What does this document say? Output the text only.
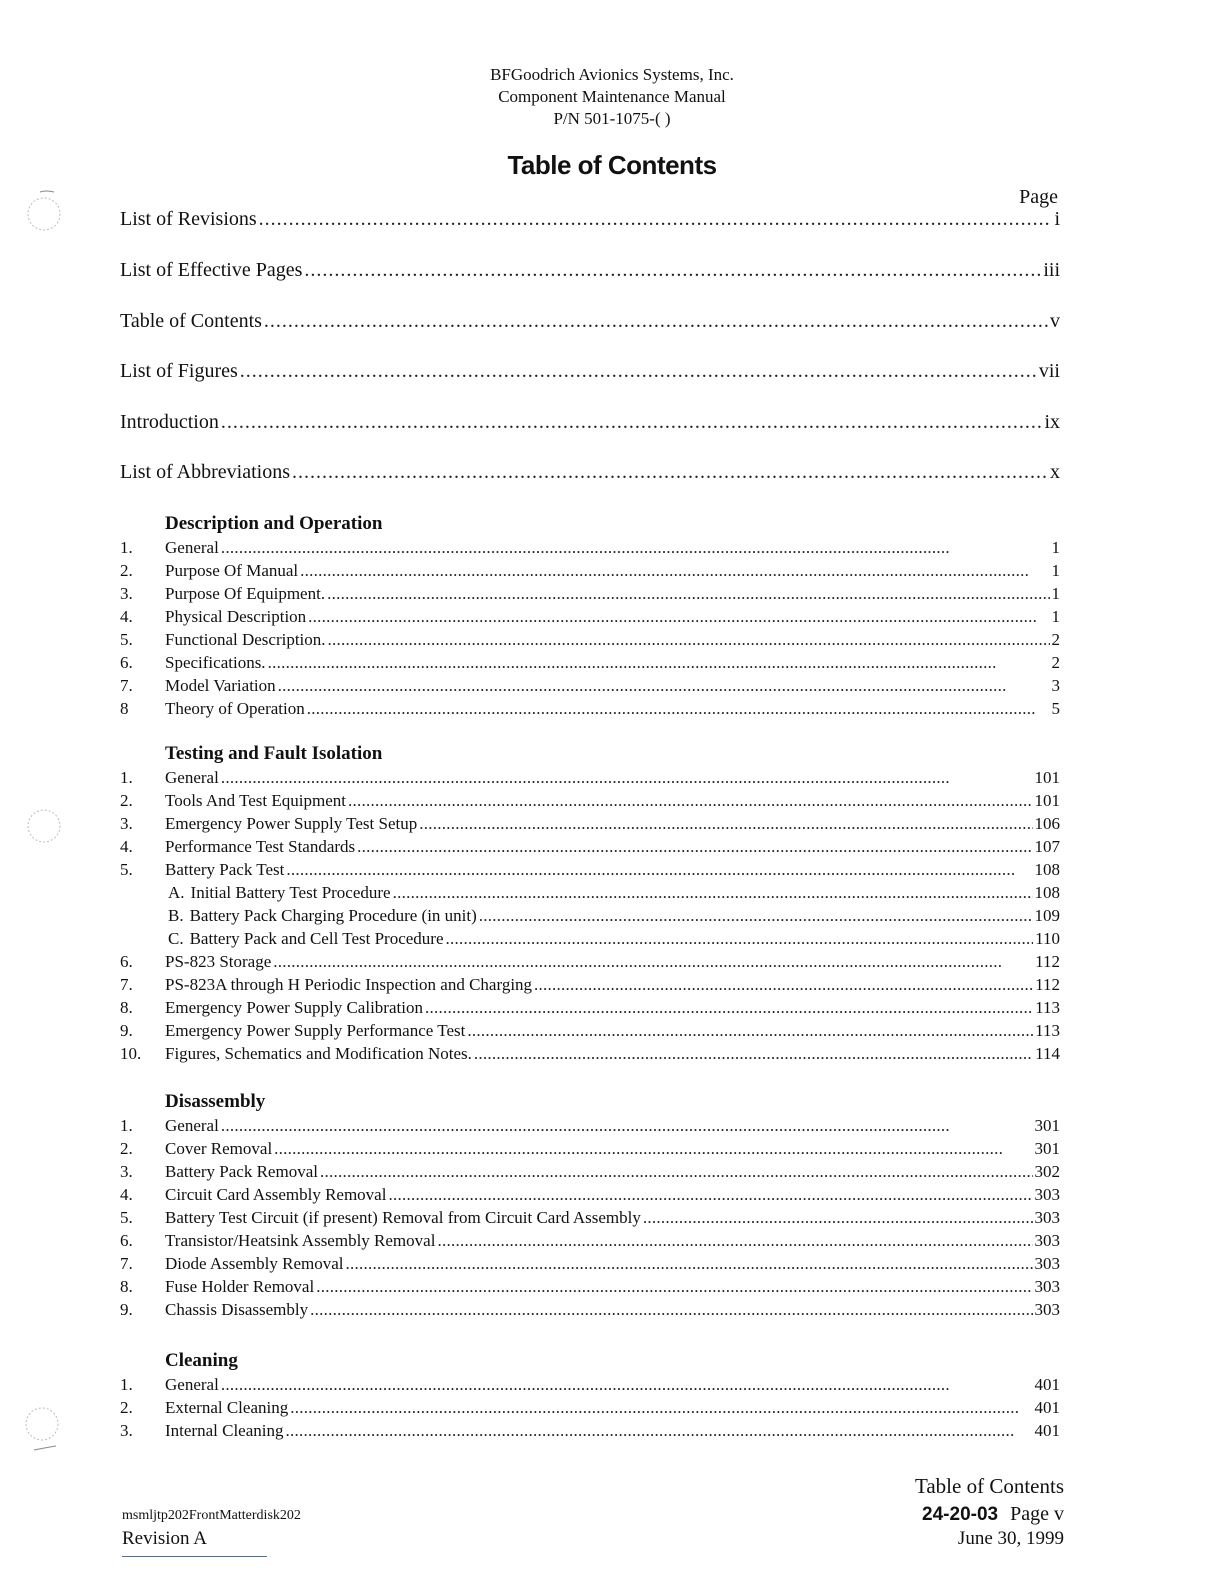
BFGoodrich Avionics Systems, Inc.
Component Maintenance Manual
P/N 501-1075-( )
Table of Contents
Page
List of Revisions . . .	i
List of Effective Pages . . .	iii
Table of Contents . . .	v
List of Figures . . .	vii
Introduction . . .	ix
List of Abbreviations . . .	x
Description and Operation
1.	General . . .	1
2.	Purpose Of Manual . . .	1
3.	Purpose Of Equipment. . . .	1
4.	Physical Description . . .	1
5.	Functional Description. . . .	2
6.	Specifications. . . .	2
7.	Model Variation . . .	3
8	Theory of Operation . . .	5
Testing and Fault Isolation
1.	General . . .	101
2.	Tools And Test Equipment . . .	101
3.	Emergency Power Supply Test Setup . . .	106
4.	Performance Test Standards . . .	107
5.	Battery Pack Test . . .	108
A. Initial Battery Test Procedure . . .	108
B. Battery Pack Charging Procedure (in unit) . . .	109
C. Battery Pack and Cell Test Procedure . . .	110
6.	PS-823 Storage . . .	112
7.	PS-823A through H Periodic Inspection and Charging . . .	112
8.	Emergency Power Supply Calibration . . .	113
9.	Emergency Power Supply Performance Test . . .	113
10.	Figures, Schematics and Modification Notes. . . .	114
Disassembly
1.	General . . .	301
2.	Cover Removal . . .	301
3.	Battery Pack Removal . . .	302
4.	Circuit Card Assembly Removal . . .	303
5.	Battery Test Circuit (if present) Removal from Circuit Card Assembly . . .	303
6.	Transistor/Heatsink Assembly Removal . . .	303
7.	Diode Assembly Removal . . .	303
8.	Fuse Holder Removal . . .	303
9.	Chassis Disassembly . . .	303
Cleaning
1.	General . . .	401
2.	External Cleaning . . .	401
3.	Internal Cleaning . . .	401
msmljtp202FrontMatterdisk202
Revision A
Table of Contents
24-20-03 Page v
June 30, 1999
